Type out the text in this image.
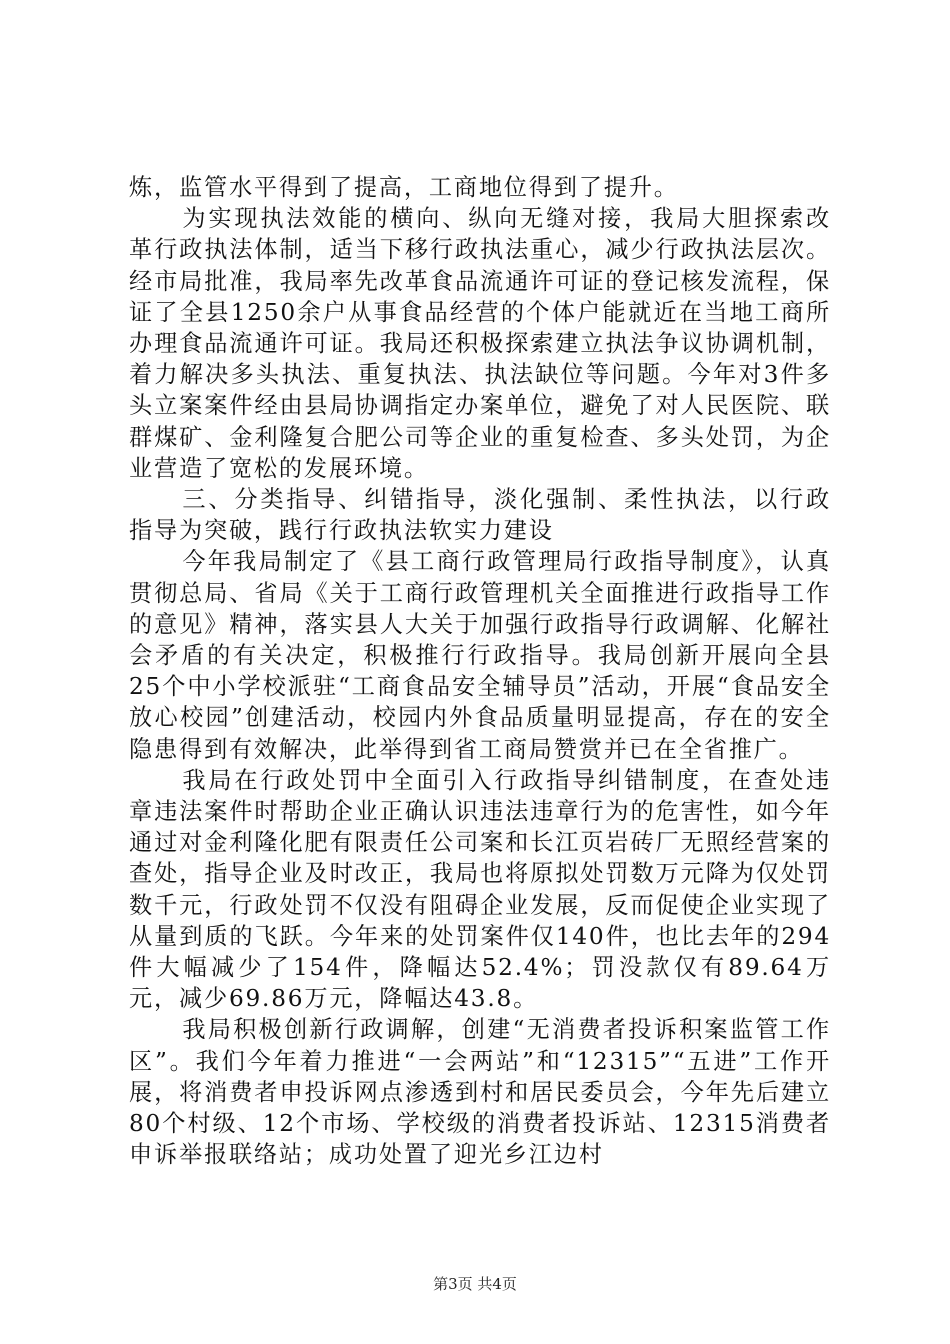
炼，监管水平得到了提高，工商地位得到了提升。

为实现执法效能的横向、纵向无缝对接，我局大胆探索改革行政执法体制，适当下移行政执法重心，减少行政执法层次。经市局批准，我局率先改革食品流通许可证的登记核发流程，保证了全县1250余户从事食品经营的个体户能就近在当地工商所办理食品流通许可证。我局还积极探索建立执法争议协调机制，着力解决多头执法、重复执法、执法缺位等问题。今年对3件多头立案案件经由县局协调指定办案单位，避免了对人民医院、联群煤矿、金利隆复合肥公司等企业的重复检查、多头处罚，为企业营造了宽松的发展环境。

三、分类指导、纠错指导，淡化强制、柔性执法，以行政指导为突破，践行行政执法软实力建设

今年我局制定了《县工商行政管理局行政指导制度》，认真贯彻总局、省局《关于工商行政管理机关全面推进行政指导工作的意见》精神，落实县人大关于加强行政指导行政调解、化解社会矛盾的有关决定，积极推行行政指导。我局创新开展向全县25个中小学校派驻“工商食品安全辅导员”活动，开展“食品安全放心校园”创建活动，校园内外食品质量明显提高，存在的安全隐患得到有效解决，此举得到省工商局赞赏并已在全省推广。

我局在行政处罚中全面引入行政指导纠错制度，在查处违章违法案件时帮助企业正确认识违法违章行为的危害性，如今年通过对金利隆化肥有限责任公司案和长江页岩砖厂无照经营案的查处，指导企业及时改正，我局也将原拟处罚数万元降为仅处罚数千元，行政处罚不仅没有阻碍企业发展，反而促使企业实现了从量到质的飞跃。今年来的处罚案件仅140件，也比去年的294件大幅减少了154件，降幅达52.4%；罚没款仅有89.64万元，减少69.86万元，降幅达43.8。

我局积极创新行政调解，创建“无消费者投诉积案监管工作区”。我们今年着力推进“一会两站”和“12315”“五进”工作开展，将消费者申投诉网点渗透到村和居民委员会，今年先后建立80个村级、12个市场、学校级的消费者投诉站、12315消费者申诉举报联络站；成功处置了迎光乡江边村

第3页 共4页
